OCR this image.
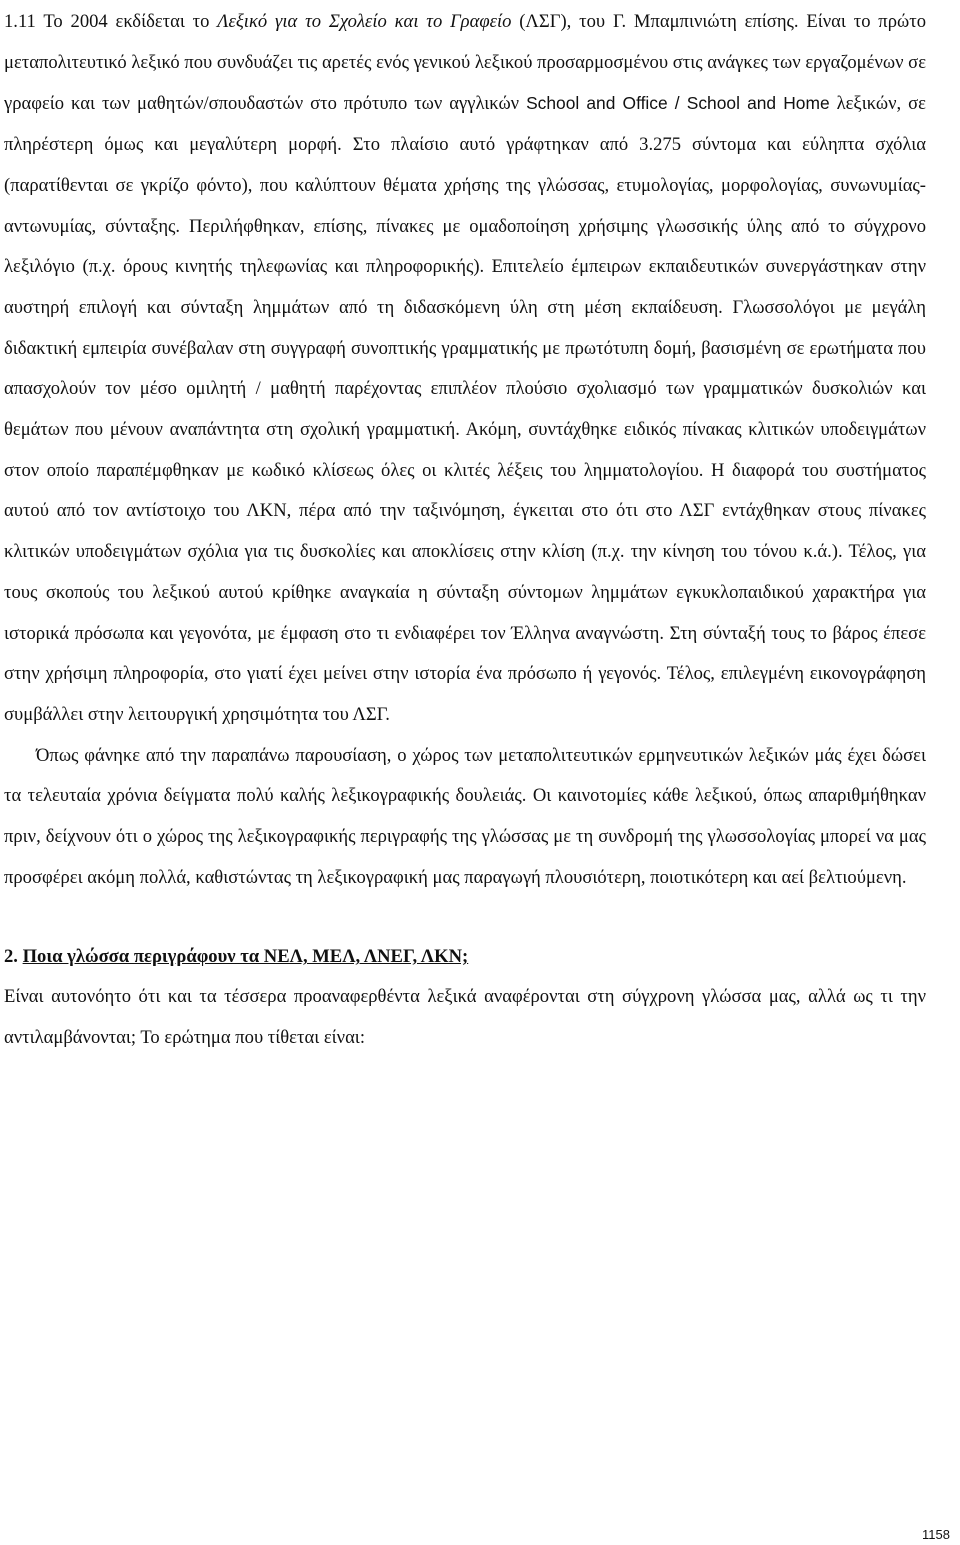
1.11 Το 2004 εκδίδεται το Λεξικό για το Σχολείο και το Γραφείο (ΛΣΓ), του Γ. Μπαμπινιώτη επίσης. Είναι το πρώτο μεταπολιτευτικό λεξικό που συνδυάζει τις αρετές ενός γενικού λεξικού προσαρμοσμένου στις ανάγκες των εργαζομένων σε γραφείο και των μαθητών/σπουδαστών στο πρότυπο των αγγλικών School and Office / School and Home λεξικών, σε πληρέστερη όμως και μεγαλύτερη μορφή. Στο πλαίσιο αυτό γράφτηκαν από 3.275 σύντομα και εύληπτα σχόλια (παρατίθενται σε γκρίζο φόντο), που καλύπτουν θέματα χρήσης της γλώσσας, ετυμολογίας, μορφολογίας, συνωνυμίας-αντωνυμίας, σύνταξης. Περιλήφθηκαν, επίσης, πίνακες με ομαδοποίηση χρήσιμης γλωσσικής ύλης από το σύγχρονο λεξιλόγιο (π.χ. όρους κινητής τηλεφωνίας και πληροφορικής). Επιτελείο έμπειρων εκπαιδευτικών συνεργάστηκαν στην αυστηρή επιλογή και σύνταξη λημμάτων από τη διδασκόμενη ύλη στη μέση εκπαίδευση. Γλωσσολόγοι με μεγάλη διδακτική εμπειρία συνέβαλαν στη συγγραφή συνοπτικής γραμματικής με πρωτότυπη δομή, βασισμένη σε ερωτήματα που απασχολούν τον μέσο ομιλητή / μαθητή παρέχοντας επιπλέον πλούσιο σχολιασμό των γραμματικών δυσκολιών και θεμάτων που μένουν αναπάντητα στη σχολική γραμματική. Ακόμη, συντάχθηκε ειδικός πίνακας κλιτικών υποδειγμάτων στον οποίο παραπέμφθηκαν με κωδικό κλίσεως όλες οι κλιτές λέξεις του λημματολογίου. Η διαφορά του συστήματος αυτού από τον αντίστοιχο του ΛΚΝ, πέρα από την ταξινόμηση, έγκειται στο ότι στο ΛΣΓ εντάχθηκαν στους πίνακες κλιτικών υποδειγμάτων σχόλια για τις δυσκολίες και αποκλίσεις στην κλίση (π.χ. την κίνηση του τόνου κ.ά.). Τέλος, για τους σκοπούς του λεξικού αυτού κρίθηκε αναγκαία η σύνταξη σύντομων λημμάτων εγκυκλοπαιδικού χαρακτήρα για ιστορικά πρόσωπα και γεγονότα, με έμφαση στο τι ενδιαφέρει τον Έλληνα αναγνώστη. Στη σύνταξή τους το βάρος έπεσε στην χρήσιμη πληροφορία, στο γιατί έχει μείνει στην ιστορία ένα πρόσωπο ή γεγονός. Τέλος, επιλεγμένη εικονογράφηση συμβάλλει στην λειτουργική χρησιμότητα του ΛΣΓ.

Όπως φάνηκε από την παραπάνω παρουσίαση, ο χώρος των μεταπολιτευτικών ερμηνευτικών λεξικών μάς έχει δώσει τα τελευταία χρόνια δείγματα πολύ καλής λεξικογραφικής δουλειάς. Οι καινοτομίες κάθε λεξικού, όπως απαριθμήθηκαν πριν, δείχνουν ότι ο χώρος της λεξικογραφικής περιγραφής της γλώσσας με τη συνδρομή της γλωσσολογίας μπορεί να μας προσφέρει ακόμη πολλά, καθιστώντας τη λεξικογραφική μας παραγωγή πλουσιότερη, ποιοτικότερη και αεί βελτιούμενη.

2. Ποια γλώσσα περιγράφουν τα ΝΕΛ, ΜΕΛ, ΛΝΕΓ, ΛΚΝ;

Είναι αυτονόητο ότι και τα τέσσερα προαναφερθέντα λεξικά αναφέρονται στη σύγχρονη γλώσσα μας, αλλά ως τι την αντιλαμβάνονται; Το ερώτημα που τίθεται είναι:

1158
